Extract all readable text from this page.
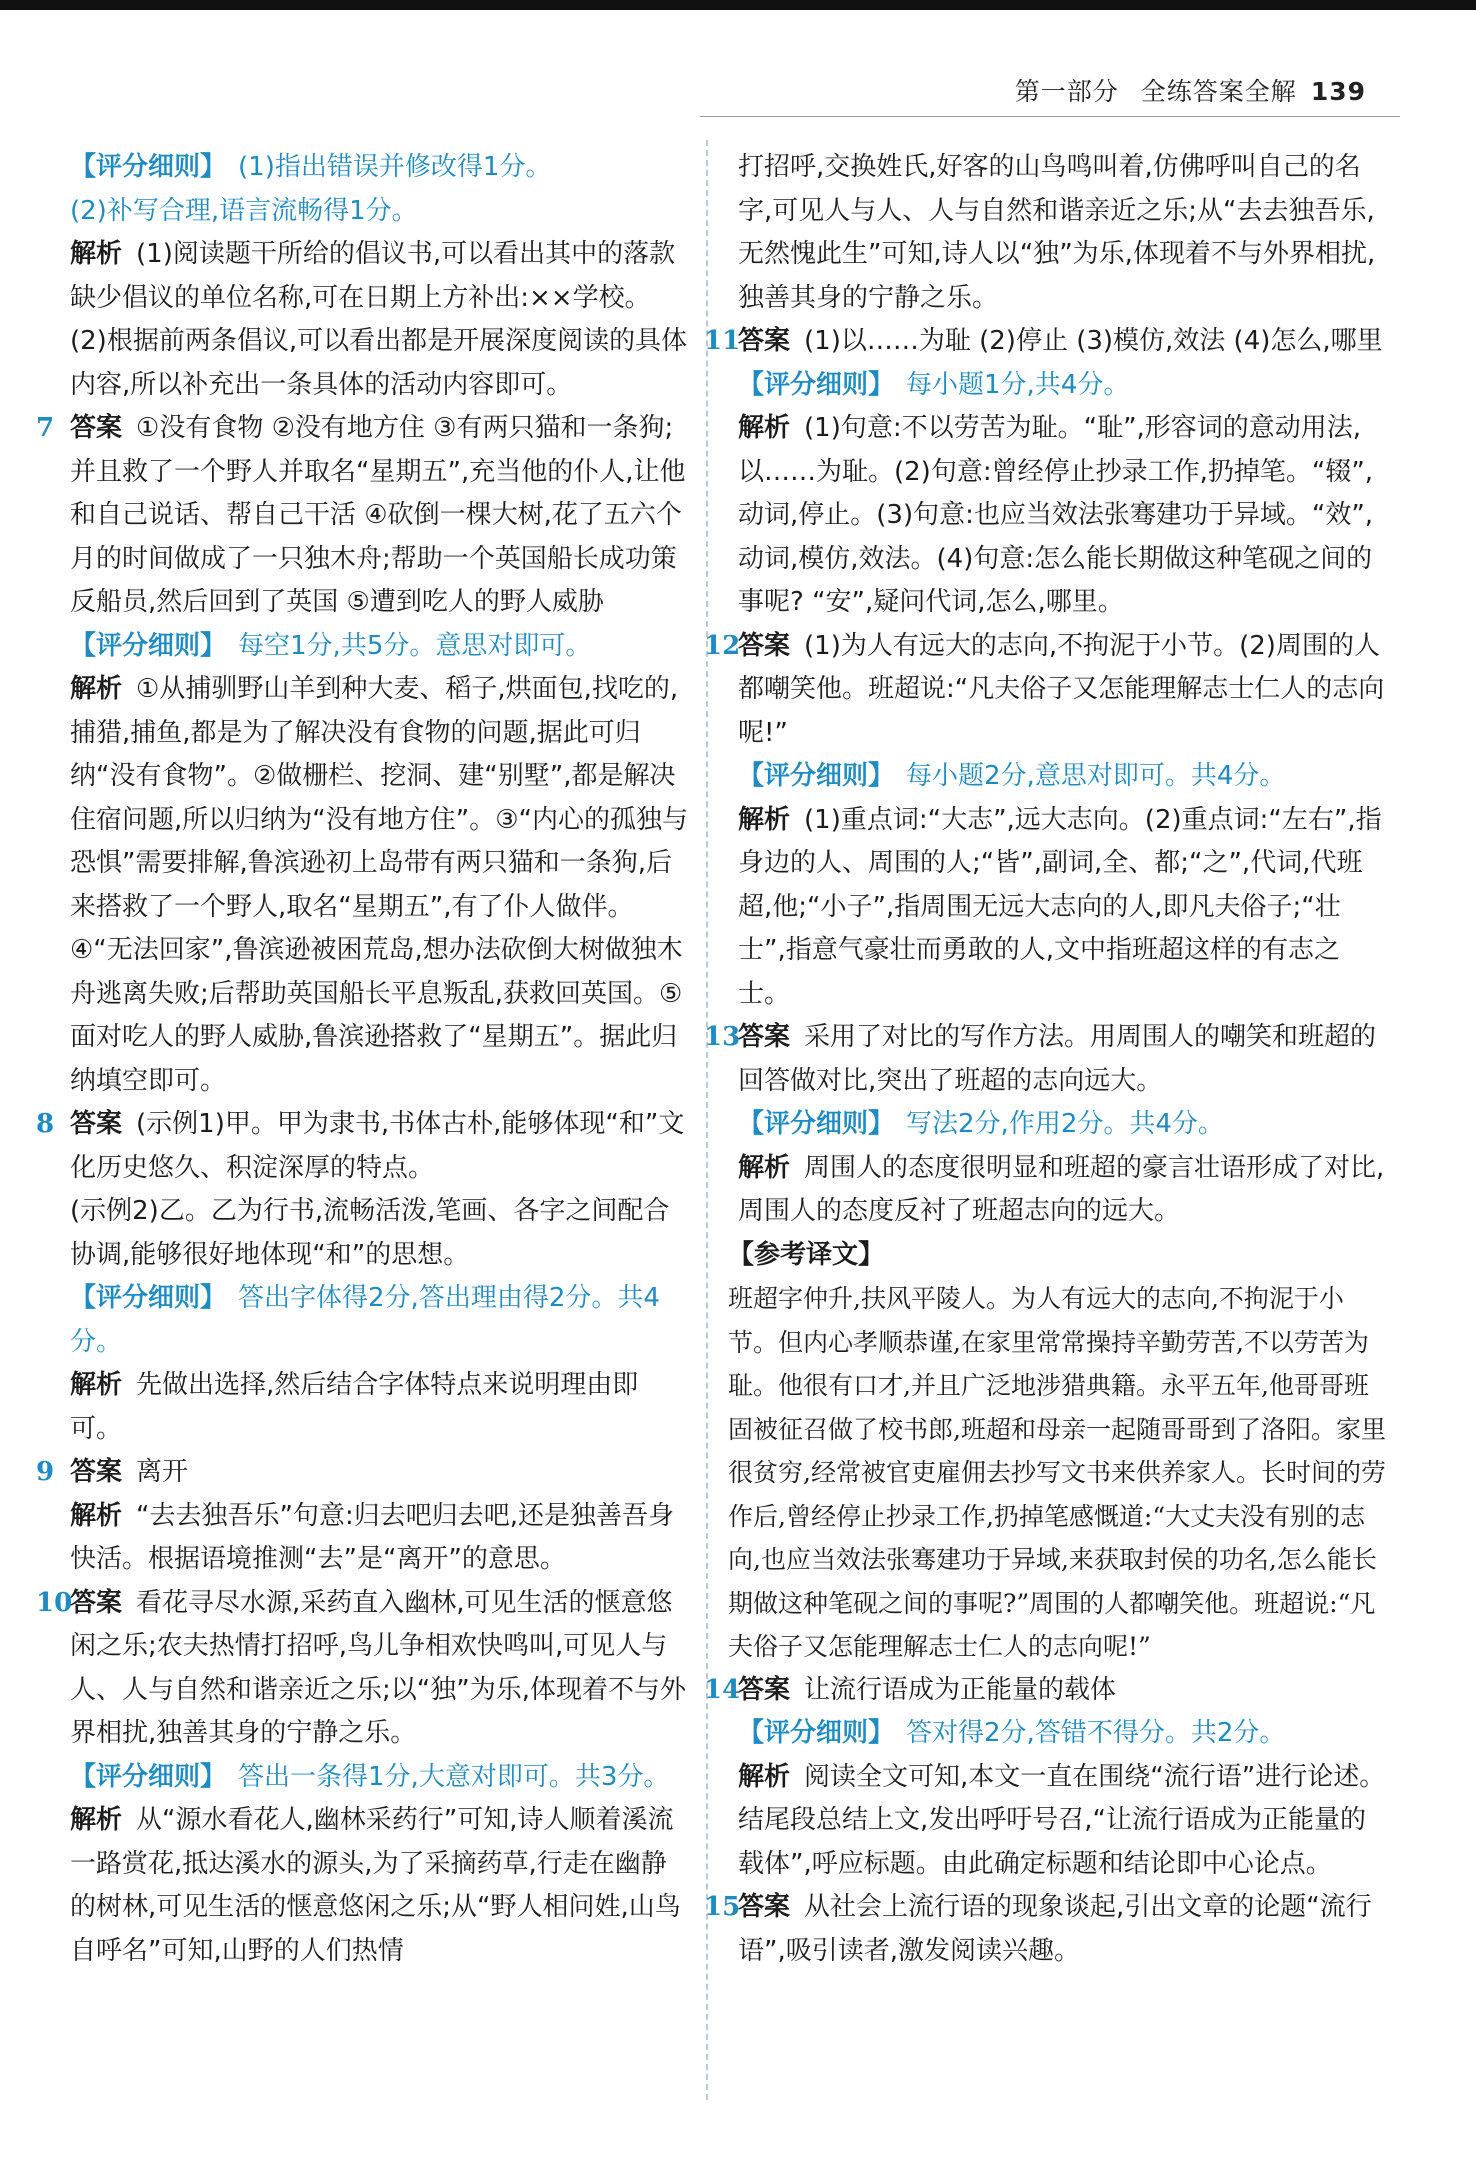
第一部分 全练答案全解 139

【评分细则】 (1)指出错误并修改得1分。

(2)补写合理,语言流畅得1分。

解析 (1)阅读题干所给的倡议书,可以看出其中的落款缺少倡议的单位名称,可在日期上方补出:××学校。

(2)根据前两条倡议,可以看出都是开展深度阅读的具体内容,所以补充出一条具体的活动内容即可。

7 答案 ①没有食物 ②没有地方住 ③有两只猫和一条狗;并且救了一个野人并取名“星期五”,充当他的仆人,让他和自己说话、帮自己干活 ④砍倒一棵大树,花了五六个月的时间做成了一只独木舟;帮助一个英国船长成功策反船员,然后回到了英国 ⑤遭到吃人的野人威胁

【评分细则】 每空1分,共5分。意思对即可。

解析 ①从捕驯野山羊到种大麦、稻子,烘面包,找吃的,捕猎,捕鱼,都是为了解决没有食物的问题,据此可归纳“没有食物”。②做栅栏、挖洞、建“别墅”,都是解决住宿问题,所以归纳为“没有地方住”。③“内心的孤独与恐惧”需要排解,鲁滨逊初上岛带有两只猫和一条狗,后来搭救了一个野人,取名“星期五”,有了仆人做伴。④“无法回家”,鲁滨逊被困荒岛,想办法砍倒大树做独木舟逃离失败;后帮助英国船长平息叛乱,获救回英国。⑤面对吃人的野人威胁,鲁滨逊搭救了“星期五”。据此归纳填空即可。

8 答案 (示例1)甲。甲为隶书,书体古朴,能够体现“和”文化历史悠久、积淀深厚的特点。

(示例2)乙。乙为行书,流畅活泼,笔画、各字之间配合协调,能够很好地体现“和”的思想。

【评分细则】 答出字体得2分,答出理由得2分。共4分。

解析 先做出选择,然后结合字体特点来说明理由即可。

9 答案 离开

解析 “去去独吾乐”句意:归去吧归去吧,还是独善吾身快活。根据语境推测“去”是“离开”的意思。

10答案 看花寻尽水源,采药直入幽林,可见生活的惬意悠闲之乐;农夫热情打招呼,鸟儿争相欢快鸣叫,可见人与人、人与自然和谐亲近之乐;以“独”为乐,体现着不与外界相扰,独善其身的宁静之乐。

【评分细则】 答出一条得1分,大意对即可。共3分。

解析 从“源水看花人,幽林采药行”可知,诗人顺着溪流一路赏花,抵达溪水的源头,为了采摘药草,行走在幽静的树林,可见生活的惬意悠闲之乐;从“野人相问姓,山鸟自呼名”可知,山野的人们热情

打招呼,交换姓氏,好客的山鸟鸣叫着,仿佛呼叫自己的名字,可见人与人、人与自然和谐亲近之乐;从“去去独吾乐,无然愧此生”可知,诗人以“独”为乐,体现着不与外界相扰,独善其身的宁静之乐。

11答案 (1)以……为耻 (2)停止 (3)模仿,效法 (4)怎么,哪里

【评分细则】 每小题1分,共4分。

解析 (1)句意:不以劳苦为耻。“耻”,形容词的意动用法,以……为耻。(2)句意:曾经停止抄录工作,扔掉笔。“辍”,动词,停止。(3)句意:也应当效法张骞建功于异域。“效”,动词,模仿,效法。(4)句意:怎么能长期做这种笔砚之间的事呢? “安”,疑问代词,怎么,哪里。

12答案 (1)为人有远大的志向,不拘泥于小节。(2)周围的人都嘲笑他。班超说:“凡夫俗子又怎能理解志士仁人的志向呢!”

【评分细则】 每小题2分,意思对即可。共4分。

解析 (1)重点词:“大志”,远大志向。(2)重点词:“左右”,指身边的人、周围的人;“皆”,副词,全、都;“之”,代词,代班超,他;“小子”,指周围无远大志向的人,即凡夫俗子;“壮士”,指意气豪壮而勇敢的人,文中指班超这样的有志之士。

13答案 采用了对比的写作方法。用周围人的嘲笑和班超的回答做对比,突出了班超的志向远大。

【评分细则】 写法2分,作用2分。共4分。

解析 周围人的态度很明显和班超的豪言壮语形成了对比,周围人的态度反衬了班超志向的远大。

【参考译文】

班超字仲升,扶风平陵人。为人有远大的志向,不拘泥于小节。但内心孝顺恭谨,在家里常常操持辛勤劳苦,不以劳苦为耻。他很有口才,并且广泛地涉猎典籍。永平五年,他哥哥班固被征召做了校书郎,班超和母亲一起随哥哥到了洛阳。家里很贫穷,经常被官吏雇佣去抄写文书来供养家人。长时间的劳作后,曾经停止抄录工作,扔掉笔感慨道:“大丈夫没有别的志向,也应当效法张骞建功于异域,来获取封侯的功名,怎么能长期做这种笔砚之间的事呢?”周围的人都嘲笑他。班超说:“凡夫俗子又怎能理解志士仁人的志向呢!”

14答案 让流行语成为正能量的载体

【评分细则】 答对得2分,答错不得分。共2分。

解析 阅读全文可知,本文一直在围绕“流行语”进行论述。结尾段总结上文,发出呼吁号召,“让流行语成为正能量的载体”,呼应标题。由此确定标题和结论即中心论点。

15答案 从社会上流行语的现象谈起,引出文章的论题“流行语”,吸引读者,激发阅读兴趣。
